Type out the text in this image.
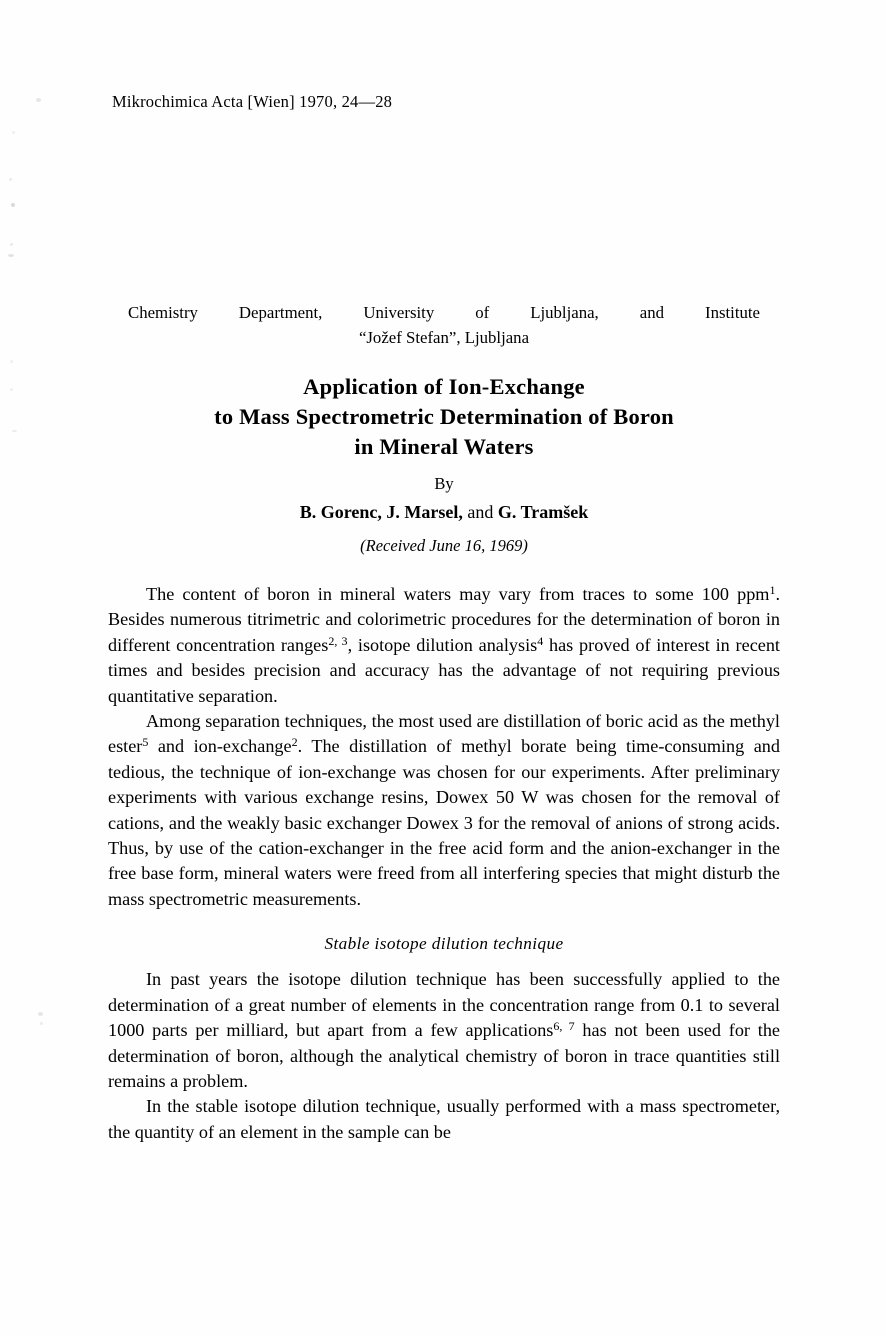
Mikrochimica Acta [Wien] 1970, 24—28
Chemistry Department, University of Ljubljana, and Institute
“Jožef Stefan”, Ljubljana
Application of Ion-Exchange
to Mass Spectrometric Determination of Boron
in Mineral Waters
By
B. Gorenc, J. Marsel, and G. Tramšek
(Received June 16, 1969)

The content of boron in mineral waters may vary from traces to some 100 ppm$^1$. Besides numerous titrimetric and colorimetric procedures for the determination of boron in different concentration ranges$^{2, 3}$, isotope dilution analysis$^4$ has proved of interest in recent times and besides precision and accuracy has the advantage of not requiring previous quantitative separation.

Among separation techniques, the most used are distillation of boric acid as the methyl ester$^5$ and ion-exchange$^2$. The distillation of methyl borate being time-consuming and tedious, the technique of ion-exchange was chosen for our experiments. After preliminary experiments with various exchange resins, Dowex 50 W was chosen for the removal of cations, and the weakly basic exchanger Dowex 3 for the removal of anions of strong acids. Thus, by use of the cation-exchanger in the free acid form and the anion-exchanger in the free base form, mineral waters were freed from all interfering species that might disturb the mass spectrometric measurements.

Stable isotope dilution technique

In past years the isotope dilution technique has been successfully applied to the determination of a great number of elements in the concentration range from 0.1 to several 1000 parts per milliard, but apart from a few applications$^{6, 7}$ has not been used for the determination of boron, although the analytical chemistry of boron in trace quantities still remains a problem.

In the stable isotope dilution technique, usually performed with a mass spectrometer, the quantity of an element in the sample can be
